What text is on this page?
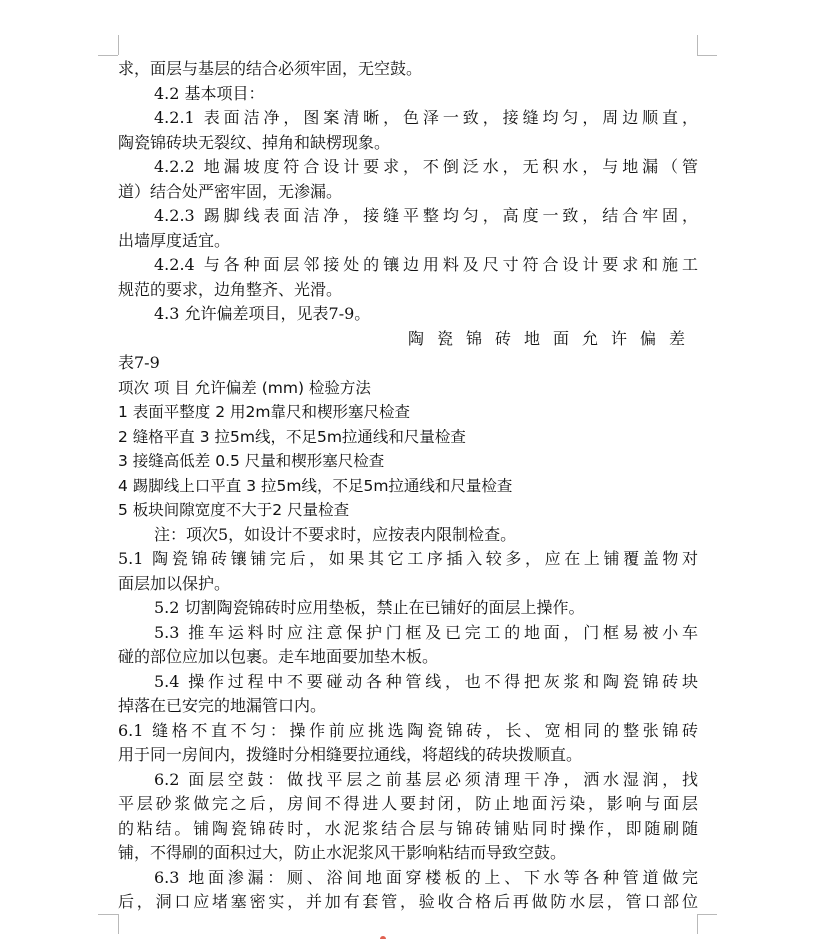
求，面层与基层的结合必须牢固，无空鼓。
4.2 基本项目：
4.2.1 表面洁净，图案清晰，色泽一致，接缝均匀，周边顺直，
陶瓷锦砖块无裂纹、掉角和缺楞现象。
4.2.2 地漏坡度符合设计要求，不倒泛水，无积水，与地漏（管
道）结合处严密牢固，无渗漏。
4.2.3 踢脚线表面洁净，接缝平整均匀，高度一致，结合牢固，
出墙厚度适宜。
4.2.4 与各种面层邻接处的镶边用料及尺寸符合设计要求和施工
规范的要求，边角整齐、光滑。
4.3 允许偏差项目，见表7-9。
陶瓷锦砖地面允许偏差
表7-9
项次 项 目 允许偏差 (mm) 检验方法
1 表面平整度 2 用2m靠尺和楔形塞尺检查
2 缝格平直 3 拉5m线，不足5m拉通线和尺量检查
3 接缝高低差 0.5 尺量和楔形塞尺检查
4 踢脚线上口平直 3 拉5m线，不足5m拉通线和尺量检查
5 板块间隙宽度不大于2 尺量检查
注：项次5，如设计不要求时，应按表内限制检查。
5.1 陶瓷锦砖镶铺完后，如果其它工序插入较多，应在上铺覆盖物对
面层加以保护。
5.2 切割陶瓷锦砖时应用垫板，禁止在已铺好的面层上操作。
5.3 推车运料时应注意保护门框及已完工的地面，门框易被小车
碰的部位应加以包裹。走车地面要加垫木板。
5.4 操作过程中不要碰动各种管线，也不得把灰浆和陶瓷锦砖块
掉落在已安完的地漏管口内。
6.1 缝格不直不匀：操作前应挑选陶瓷锦砖，长、宽相同的整张锦砖
用于同一房间内，拨缝时分相缝要拉通线，将超线的砖块拨顺直。
6.2 面层空鼓：做找平层之前基层必须清理干净，洒水湿润，找
平层砂浆做完之后，房间不得进人要封闭，防止地面污染，影响与面层
的粘结。铺陶瓷锦砖时，水泥浆结合层与锦砖铺贴同时操作，即随刷随
铺，不得刷的面积过大，防止水泥浆风干影响粘结而导致空鼓。
6.3 地面渗漏：厕、浴间地面穿楼板的上、下水等各种管道做完
后，洞口应堵塞密实，并加有套管，验收合格后再做防水层，管口部位
